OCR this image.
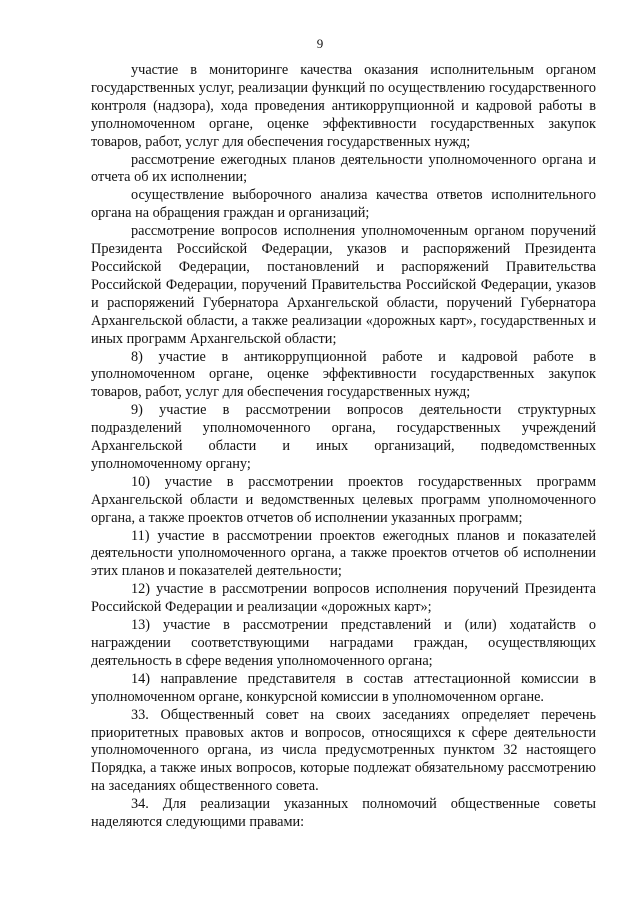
9

участие в мониторинге качества оказания исполнительным органом государственных услуг, реализации функций по осуществлению государственного контроля (надзора), хода проведения антикоррупционной и кадровой работы в уполномоченном органе, оценке эффективности государственных закупок товаров, работ, услуг для обеспечения государственных нужд;

рассмотрение ежегодных планов деятельности уполномоченного органа и отчета об их исполнении;

осуществление выборочного анализа качества ответов исполнительного органа на обращения граждан и организаций;

рассмотрение вопросов исполнения уполномоченным органом поручений Президента Российской Федерации, указов и распоряжений Президента Российской Федерации, постановлений и распоряжений Правительства Российской Федерации, поручений Правительства Российской Федерации, указов и распоряжений Губернатора Архангельской области, поручений Губернатора Архангельской области, а также реализации «дорожных карт», государственных и иных программ Архангельской области;

8) участие в антикоррупционной работе и кадровой работе в уполномоченном органе, оценке эффективности государственных закупок товаров, работ, услуг для обеспечения государственных нужд;

9) участие в рассмотрении вопросов деятельности структурных подразделений уполномоченного органа, государственных учреждений Архангельской области и иных организаций, подведомственных уполномоченному органу;

10) участие в рассмотрении проектов государственных программ Архангельской области и ведомственных целевых программ уполномоченного органа, а также проектов отчетов об исполнении указанных программ;

11) участие в рассмотрении проектов ежегодных планов и показателей деятельности уполномоченного органа, а также проектов отчетов об исполнении этих планов и показателей деятельности;

12) участие в рассмотрении вопросов исполнения поручений Президента Российской Федерации и реализации «дорожных карт»;

13) участие в рассмотрении представлений и (или) ходатайств о награждении соответствующими наградами граждан, осуществляющих деятельность в сфере ведения уполномоченного органа;

14) направление представителя в состав аттестационной комиссии в уполномоченном органе, конкурсной комиссии в уполномоченном органе.

33. Общественный совет на своих заседаниях определяет перечень приоритетных правовых актов и вопросов, относящихся к сфере деятельности уполномоченного органа, из числа предусмотренных пунктом 32 настоящего Порядка, а также иных вопросов, которые подлежат обязательному рассмотрению на заседаниях общественного совета.

34. Для реализации указанных полномочий общественные советы наделяются следующими правами:
